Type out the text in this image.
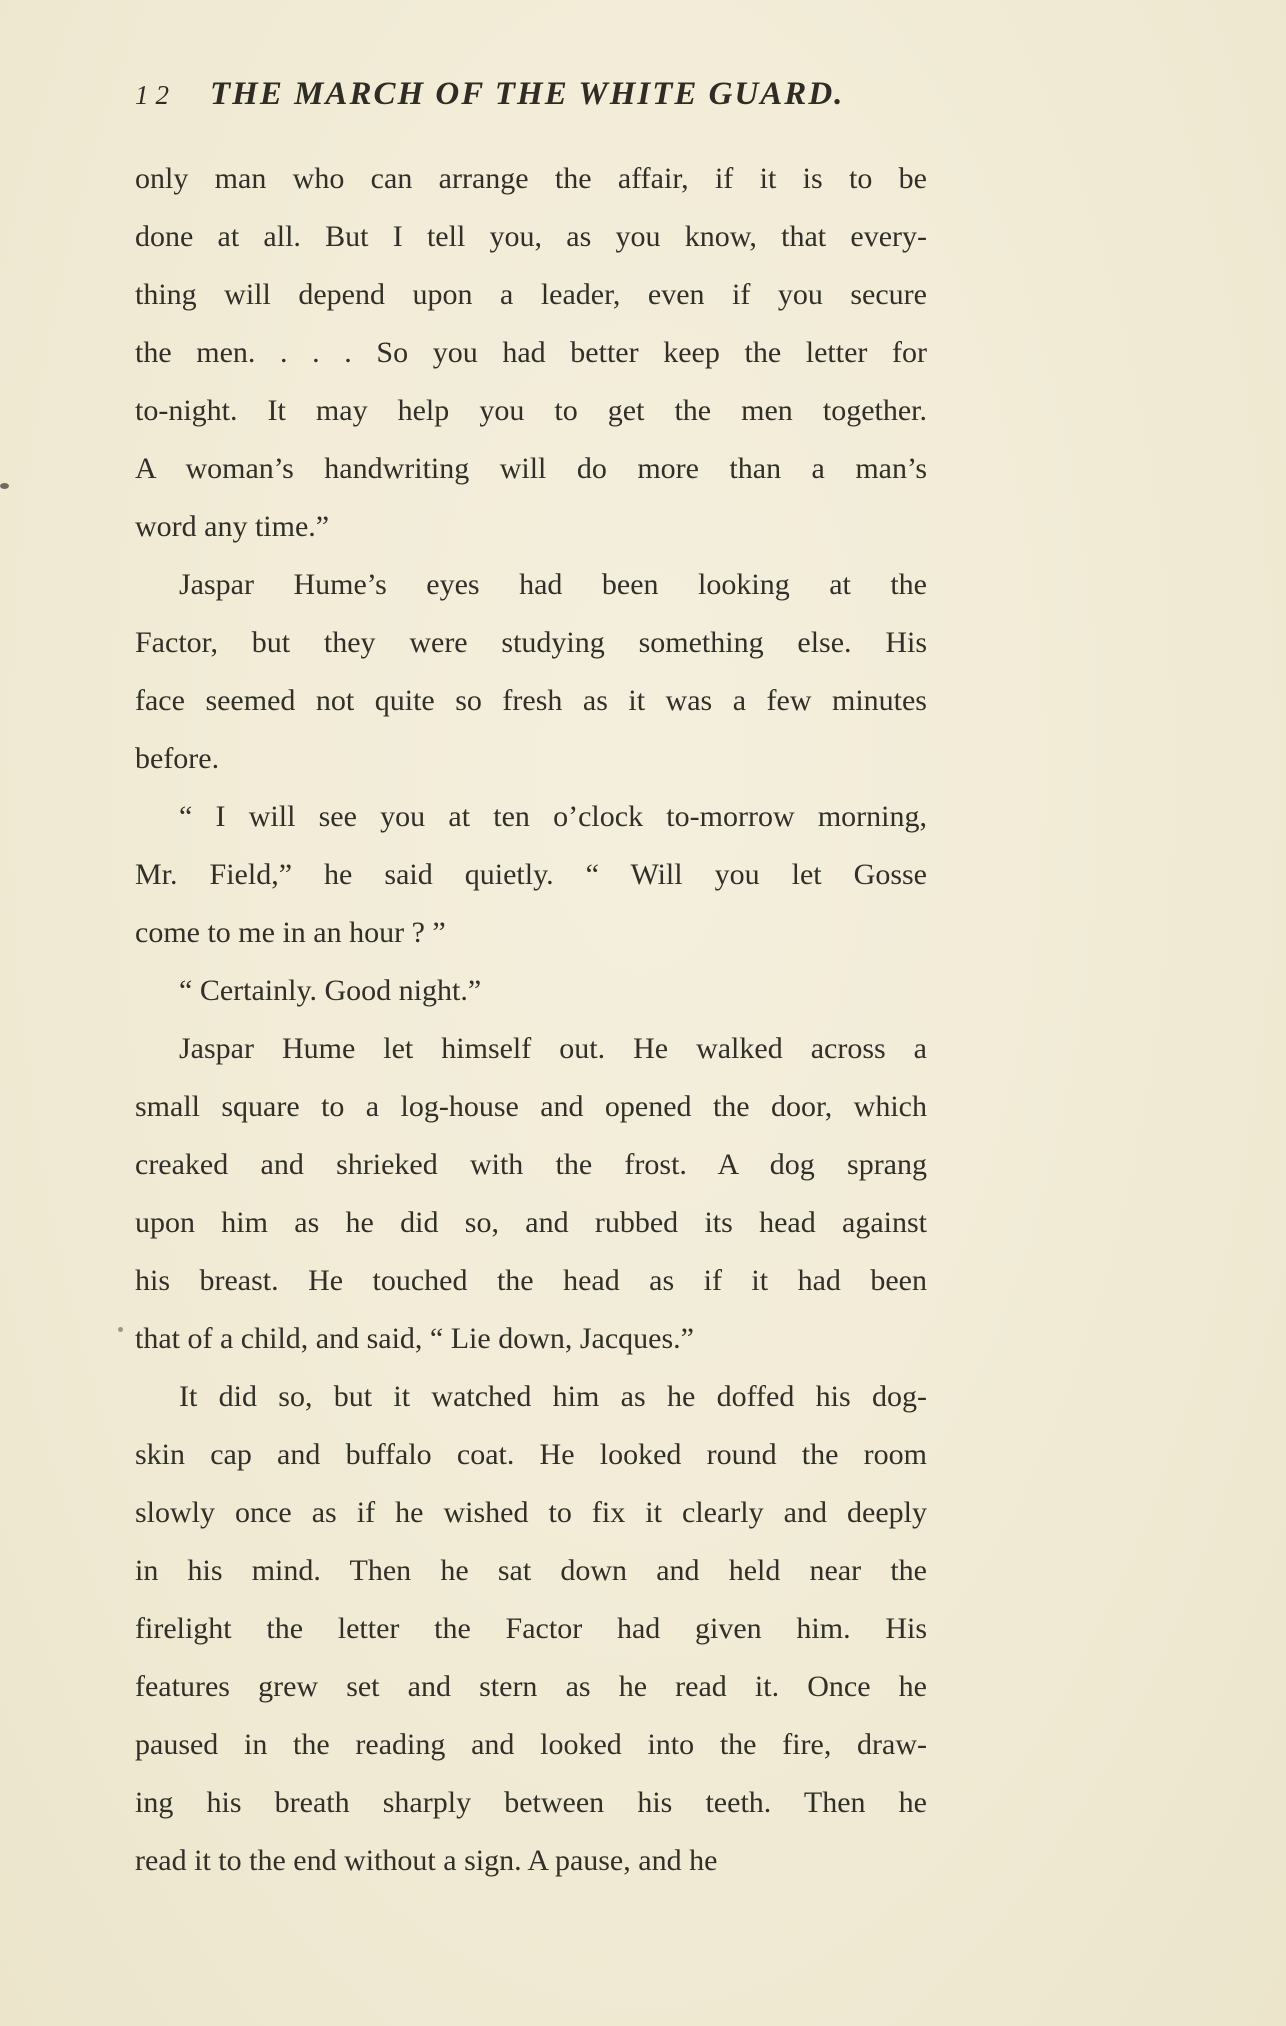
12 THE MARCH OF THE WHITE GUARD.
only man who can arrange the affair, if it is to be
done at all. But I tell you, as you know, that every-
thing will depend upon a leader, even if you secure
the men. . . . So you had better keep the letter for
to-night. It may help you to get the men together.
A woman’s handwriting will do more than a man’s
word any time.”
Jaspar Hume’s eyes had been looking at the
Factor, but they were studying something else. His
face seemed not quite so fresh as it was a few minutes
before.
“ I will see you at ten o’clock to-morrow morning,
Mr. Field,” he said quietly. “ Will you let Gosse
come to me in an hour ? ”
“ Certainly. Good night.”
Jaspar Hume let himself out. He walked across a
small square to a log-house and opened the door, which
creaked and shrieked with the frost. A dog sprang
upon him as he did so, and rubbed its head against
his breast. He touched the head as if it had been
that of a child, and said, “ Lie down, Jacques.”
It did so, but it watched him as he doffed his dog-
skin cap and buffalo coat. He looked round the room
slowly once as if he wished to fix it clearly and deeply
in his mind. Then he sat down and held near the
firelight the letter the Factor had given him. His
features grew set and stern as he read it. Once he
paused in the reading and looked into the fire, draw-
ing his breath sharply between his teeth. Then he
read it to the end without a sign. A pause, and he
